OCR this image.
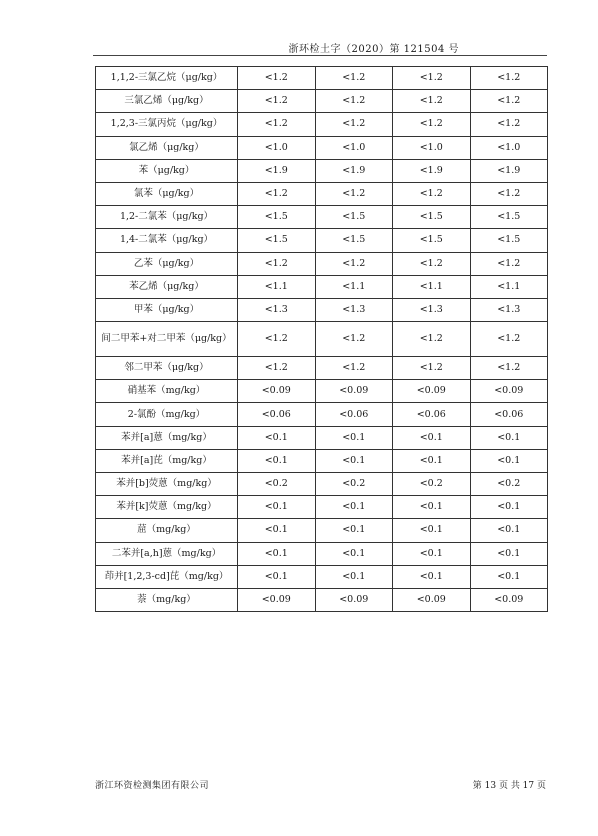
浙环检土字（2020）第 121504 号
1,1,2-三氯乙烷（μg/kg）	<1.2	<1.2	<1.2	<1.2
三氯乙烯（μg/kg）	<1.2	<1.2	<1.2	<1.2
1,2,3-三氯丙烷（μg/kg）	<1.2	<1.2	<1.2	<1.2
氯乙烯（μg/kg）	<1.0	<1.0	<1.0	<1.0
苯（μg/kg）	<1.9	<1.9	<1.9	<1.9
氯苯（μg/kg）	<1.2	<1.2	<1.2	<1.2
1,2-二氯苯（μg/kg）	<1.5	<1.5	<1.5	<1.5
1,4-二氯苯（μg/kg）	<1.5	<1.5	<1.5	<1.5
乙苯（μg/kg）	<1.2	<1.2	<1.2	<1.2
苯乙烯（μg/kg）	<1.1	<1.1	<1.1	<1.1
甲苯（μg/kg）	<1.3	<1.3	<1.3	<1.3
间二甲苯+对二甲苯（μg/kg）	<1.2	<1.2	<1.2	<1.2
邻二甲苯（μg/kg）	<1.2	<1.2	<1.2	<1.2
硝基苯（mg/kg）	<0.09	<0.09	<0.09	<0.09
2-氯酚（mg/kg）	<0.06	<0.06	<0.06	<0.06
苯并[a]蒽（mg/kg）	<0.1	<0.1	<0.1	<0.1
苯并[a]芘（mg/kg）	<0.1	<0.1	<0.1	<0.1
苯并[b]荧蒽（mg/kg）	<0.2	<0.2	<0.2	<0.2
苯并[k]荧蒽（mg/kg）	<0.1	<0.1	<0.1	<0.1
䓛（mg/kg）	<0.1	<0.1	<0.1	<0.1
二苯并[a,h]蒽（mg/kg）	<0.1	<0.1	<0.1	<0.1
茚并[1,2,3-cd]芘（mg/kg）	<0.1	<0.1	<0.1	<0.1
萘（mg/kg）	<0.09	<0.09	<0.09	<0.09
浙江环资检测集团有限公司	第 13 页 共 17 页
